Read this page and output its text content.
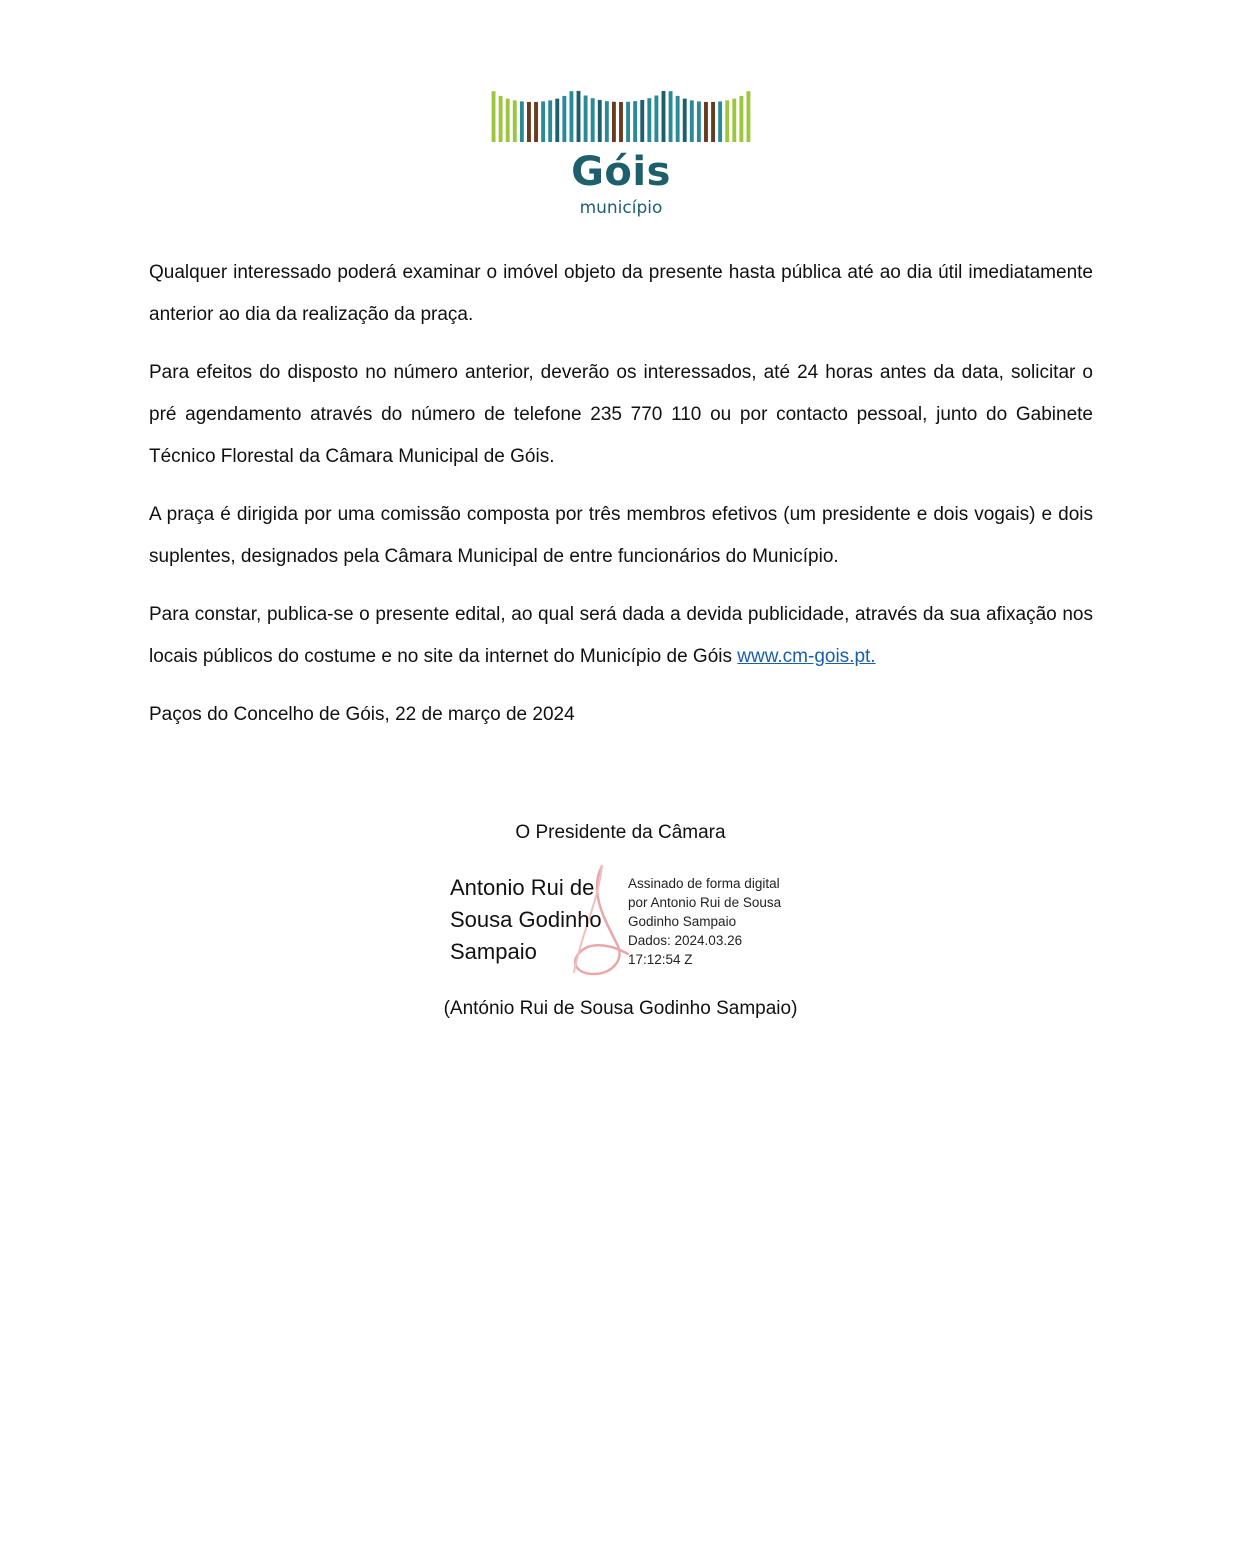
Góis
município

Qualquer interessado poderá examinar o imóvel objeto da presente hasta pública até ao dia útil imediatamente anterior ao dia da realização da praça.

Para efeitos do disposto no número anterior, deverão os interessados, até 24 horas antes da data, solicitar o pré agendamento através do número de telefone 235 770 110 ou por contacto pessoal, junto do Gabinete Técnico Florestal da Câmara Municipal de Góis.

A praça é dirigida por uma comissão composta por três membros efetivos (um presidente e dois vogais) e dois suplentes, designados pela Câmara Municipal de entre funcionários do Município.

Para constar, publica-se o presente edital, ao qual será dada a devida publicidade, através da sua afixação nos locais públicos do costume e no site da internet do Município de Góis www.cm-gois.pt.

Paços do Concelho de Góis, 22 de março de 2024

O Presidente da Câmara
Antonio Rui de
Sousa Godinho
Sampaio
Assinado de forma digital
por Antonio Rui de Sousa
Godinho Sampaio
Dados: 2024.03.26
17:12:54 Z
(António Rui de Sousa Godinho Sampaio)
